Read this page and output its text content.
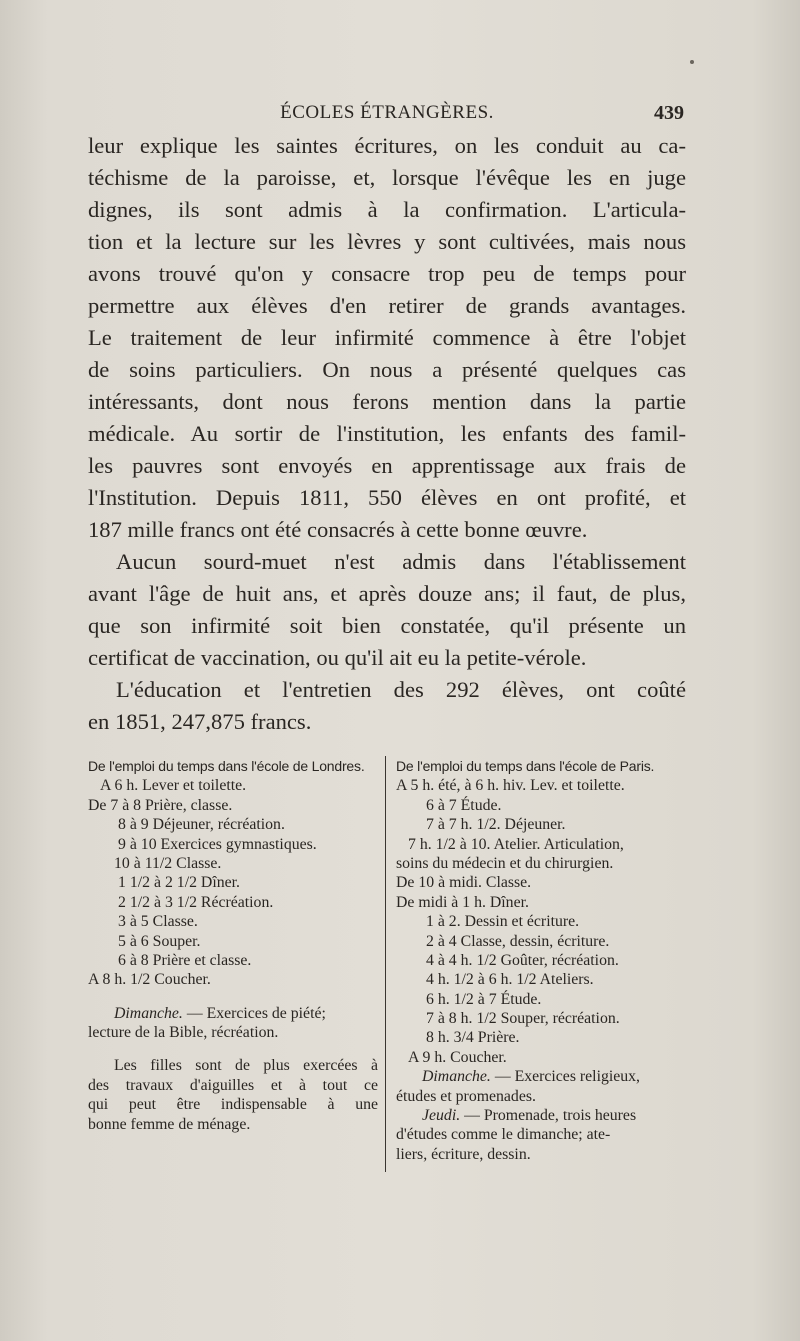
ÉCOLES ÉTRANGÈRES.	439
leur explique les saintes écritures, on les conduit au ca-
téchisme de la paroisse, et, lorsque l'évêque les en juge
dignes, ils sont admis à la confirmation. L'articula-
tion et la lecture sur les lèvres y sont cultivées, mais nous
avons trouvé qu'on y consacre trop peu de temps pour
permettre aux élèves d'en retirer de grands avantages.
Le traitement de leur infirmité commence à être l'objet
de soins particuliers. On nous a présenté quelques cas
intéressants, dont nous ferons mention dans la partie
médicale. Au sortir de l'institution, les enfants des famil-
les pauvres sont envoyés en apprentissage aux frais de
l'Institution. Depuis 1811, 550 élèves en ont profité, et
187 mille francs ont été consacrés à cette bonne œuvre.
Aucun sourd-muet n'est admis dans l'établissement
avant l'âge de huit ans, et après douze ans; il faut, de plus,
que son infirmité soit bien constatée, qu'il présente un
certificat de vaccination, ou qu'il ait eu la petite-vérole.
L'éducation et l'entretien des 292 élèves, ont coûté
en 1851, 247,875 francs.
De l'emploi du temps dans l'école de Londres.
A 6 h. Lever et toilette.
De 7 à 8 Prière, classe.
8 à 9 Déjeuner, récréation.
9 à 10 Exercices gymnastiques.
10 à 11/2 Classe.
1 1/2 à 2 1/2 Dîner.
2 1/2 à 3 1/2 Récréation.
3 à 5 Classe.
5 à 6 Souper.
6 à 8 Prière et classe.
A 8 h. 1/2 Coucher.
Dimanche. — Exercices de piété;
lecture de la Bible, récréation.
Les filles sont de plus exercées à
des travaux d'aiguilles et à tout ce
qui peut être indispensable à une
bonne femme de ménage.
De l'emploi du temps dans l'école de Paris.
A 5 h. été, à 6 h. hiv. Lev. et toilette.
6 à 7 Étude.
7 à 7 h. 1/2. Déjeuner.
7 h. 1/2 à 10. Atelier. Articulation,
soins du médecin et du chirurgien.
De 10 à midi. Classe.
De midi à 1 h. Dîner.
1 à 2. Dessin et écriture.
2 à 4 Classe, dessin, écriture.
4 à 4 h. 1/2 Goûter, récréation.
4 h. 1/2 à 6 h. 1/2 Ateliers.
6 h. 1/2 à 7 Étude.
7 à 8 h. 1/2 Souper, récréation.
8 h. 3/4 Prière.
A 9 h. Coucher.
Dimanche. — Exercices religieux,
études et promenades.
Jeudi. — Promenade, trois heures
d'études comme le dimanche; ate-
liers, écriture, dessin.
